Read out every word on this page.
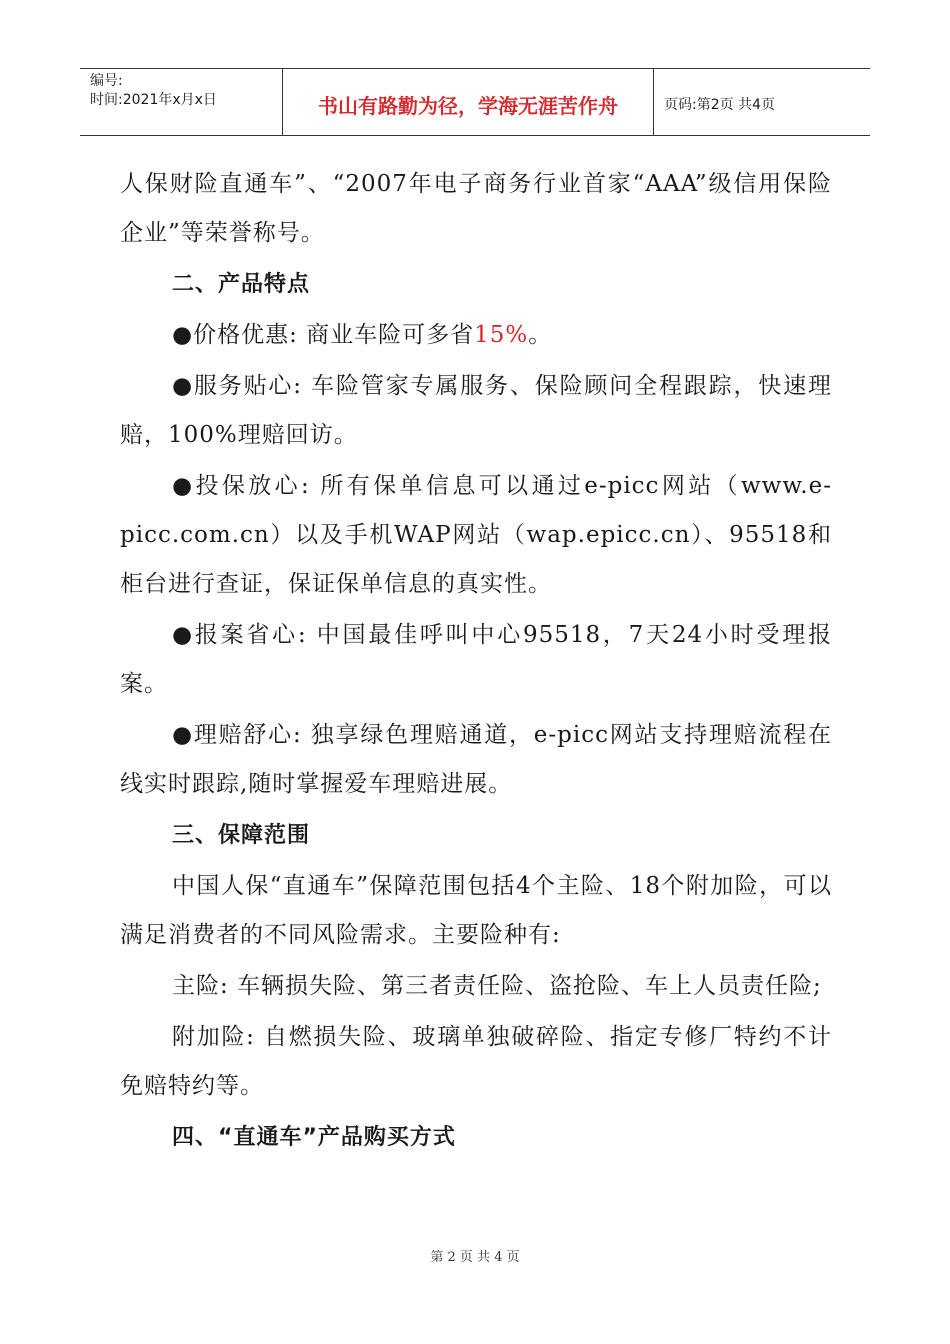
编号:
时间:2021年x月x日	书山有路勤为径，学海无涯苦作舟	页码:第2页 共4页

人保财险直通车”、“2007年电子商务行业首家“AAA”级信用保险企业”等荣誉称号。

二、产品特点

●价格优惠: 商业车险可多省15%。

●服务贴心: 车险管家专属服务、保险顾问全程跟踪，快速理赔，100%理赔回访。

●投保放心: 所有保单信息可以通过e-picc网站（www.e-picc.com.cn）以及手机WAP网站（wap.epicc.cn）、95518和柜台进行查证，保证保单信息的真实性。

●报案省心: 中国最佳呼叫中心95518，7天24小时受理报案。

●理赔舒心: 独享绿色理赔通道，e-picc网站支持理赔流程在线实时跟踪,随时掌握爱车理赔进展。

三、保障范围

中国人保“直通车”保障范围包括4个主险、18个附加险，可以满足消费者的不同风险需求。主要险种有:

主险: 车辆损失险、第三者责任险、盗抢险、车上人员责任险;

附加险: 自燃损失险、玻璃单独破碎险、指定专修厂特约不计免赔特约等。

四、“直通车”产品购买方式
第 2 页 共 4 页
